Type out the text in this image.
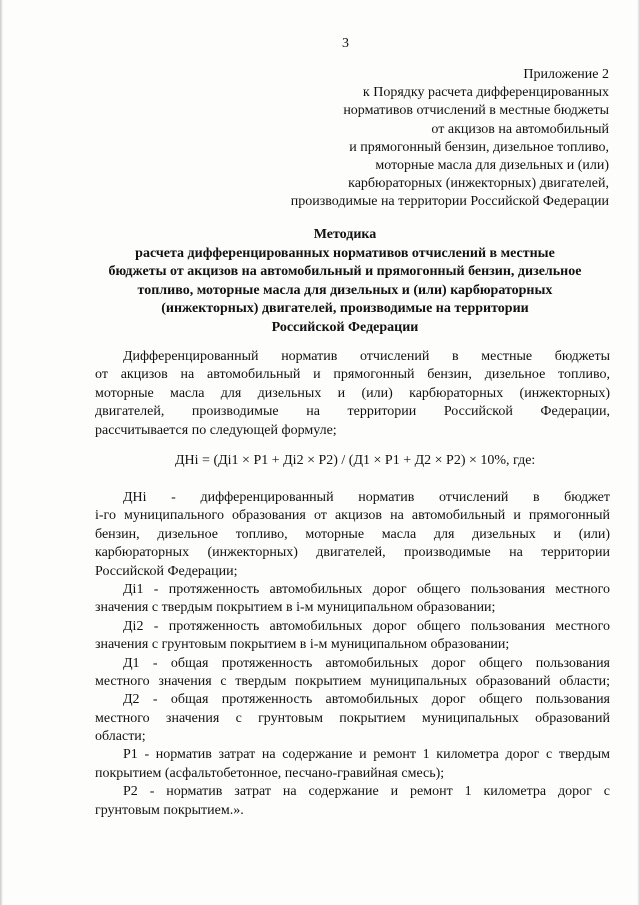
3
Приложение 2
к Порядку расчета дифференцированных
нормативов отчислений в местные бюджеты
от акцизов на автомобильный
и прямогонный бензин, дизельное топливо,
моторные масла для дизельных и (или)
карбюраторных (инжекторных) двигателей,
производимые на территории Российской Федерации
Методика
расчета дифференцированных нормативов отчислений в местные
бюджеты от акцизов на автомобильный и прямогонный бензин, дизельное
топливо, моторные масла для дизельных и (или) карбюраторных
(инжекторных) двигателей, производимые на территории
Российской Федерации
Дифференцированный норматив отчислений в местные бюджеты
от акцизов на автомобильный и прямогонный бензин, дизельное топливо,
моторные масла для дизельных и (или) карбюраторных (инжекторных)
двигателей, производимые на территории Российской Федерации,
рассчитывается по следующей формуле;
ДНi = (Дi1 × P1 + Дi2 × P2) / (Д1 × P1 + Д2 × P2) × 10%, где:
ДНi - дифференцированный норматив отчислений в бюджет
i-го муниципального образования от акцизов на автомобильный и прямогонный
бензин, дизельное топливо, моторные масла для дизельных и (или)
карбюраторных (инжекторных) двигателей, производимые на территории
Российской Федерации;
Дi1 - протяженность автомобильных дорог общего пользования местного
значения с твердым покрытием в i-м муниципальном образовании;
Дi2 - протяженность автомобильных дорог общего пользования местного
значения с грунтовым покрытием в i-м муниципальном образовании;
Д1 - общая протяженность автомобильных дорог общего пользования
местного значения с твердым покрытием муниципальных образований области;
Д2 - общая протяженность автомобильных дорог общего пользования
местного значения с грунтовым покрытием муниципальных образований
области;
P1 - норматив затрат на содержание и ремонт 1 километра дорог с твердым
покрытием (асфальтобетонное, песчано-гравийная смесь);
P2 - норматив затрат на содержание и ремонт 1 километра дорог с
грунтовым покрытием.».
